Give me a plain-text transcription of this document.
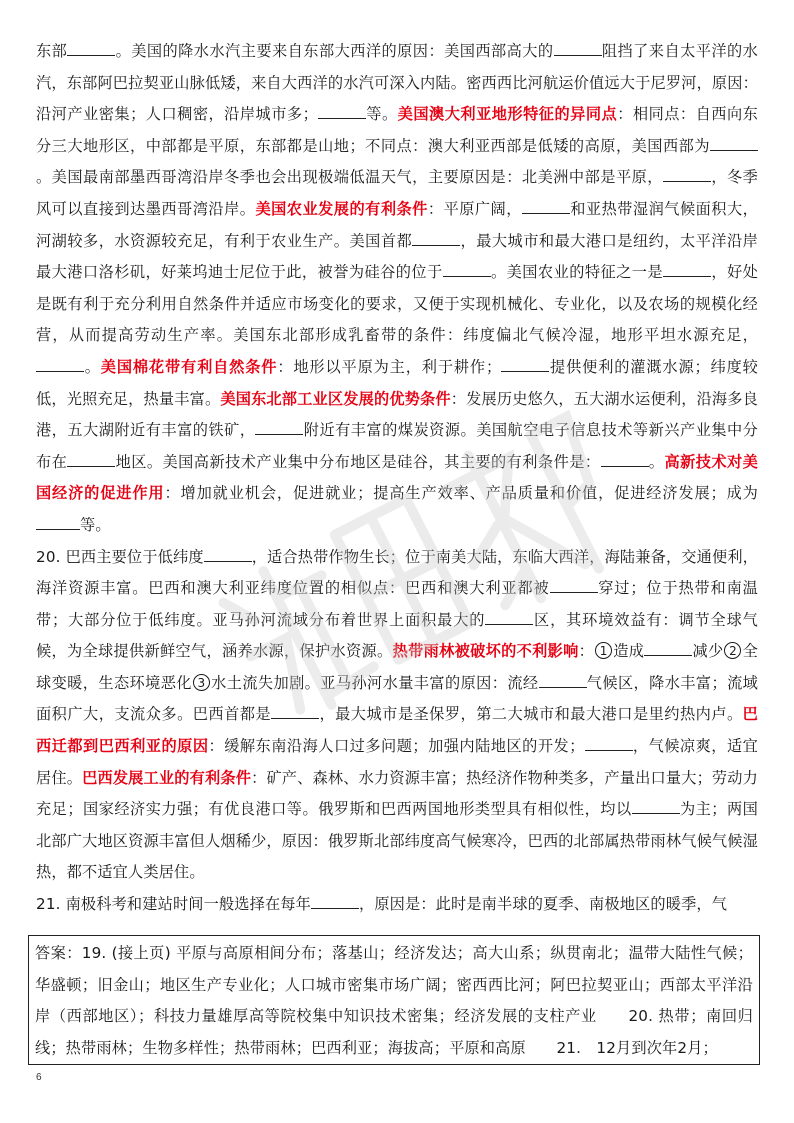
东部	。美国的降水水汽主要来自东部大西洋的原因：美国西部高大的	阻挡了来自太平洋的水汽，东部阿巴拉契亚山脉低矮，来自大西洋的水汽可深入内陆。密西西比河航运价值远大于尼罗河，原因：沿河产业密集；人口稠密，沿岸城市多；	等。美国澳大利亚地形特征的异同点：相同点：自西向东分三大地形区，中部都是平原，东部都是山地；不同点：澳大利亚西部是低矮的高原，美国西部为。美国最南部墨西哥湾沿岸冬季也会出现极端低温天气，主要原因是：北美洲中部是平原，	，冬季风可以直接到达墨西哥湾沿岸。美国农业发展的有利条件：平原广阔，	和亚热带湿润气候面积大，河湖较多，水资源较充足，有利于农业生产。美国首都	，最大城市和最大港口是纽约，太平洋沿岸最大港口洛杉矶，好莱坞迪士尼位于此，被誉为硅谷的位于	。美国农业的特征之一是	，好处是既有利于充分利用自然条件并适应市场变化的要求，又便于实现机械化、专业化，以及农场的规模化经营，从而提高劳动生产率。美国东北部形成乳畜带的条件：纬度偏北气候冷湿，地形平坦水源充足，。美国棉花带有利自然条件：地形以平原为主，利于耕作；	提供便利的灌溉水源；纬度较低，光照充足，热量丰富。美国东北部工业区发展的优势条件：发展历史悠久，五大湖水运便利，沿海多良港，五大湖附近有丰富的铁矿，	附近有丰富的煤炭资源。美国航空电子信息技术等新兴产业集中分布在	地区。美国高新技术产业集中分布地区是硅谷，其主要的有利条件是：	。高新技术对美国经济的促进作用：增加就业机会，促进就业；提高生产效率、产品质量和价值，促进经济发展；成为等。

20. 巴西主要位于低纬度	，适合热带作物生长；位于南美大陆，东临大西洋，海陆兼备，交通便利，海洋资源丰富。巴西和澳大利亚纬度位置的相似点：巴西和澳大利亚都被	穿过；位于热带和南温带；大部分位于低纬度。亚马孙河流域分布着世界上面积最大的	区，其环境效益有：调节全球气候，为全球提供新鲜空气，涵养水源，保护水资源。热带雨林被破坏的不利影响： 1 造成	减少 2 全球变暖，生态环境恶化 3 水土流失加剧。亚马孙河水量丰富的原因：流经	气候区，降水丰富；流域面积广大，支流众多。巴西首都是	，最大城市是圣保罗，第二大城市和最大港口是里约热内卢。巴西迁都到巴西利亚的原因：缓解东南沿海人口过多问题；加强内陆地区的开发；	，气候凉爽，适宜居住。巴西发展工业的有利条件：矿产、森林、水力资源丰富；热经济作物种类多，产量出口量大；劳动力充足；国家经济实力强；有优良港口等。俄罗斯和巴西两国地形类型具有相似性，均以	为主；两国北部广大地区资源丰富但人烟稀少，原因：俄罗斯北部纬度高气候寒冷，巴西的北部属热带雨林气候气候湿热，都不适宜人类居住。

21. 南极科考和建站时间一般选择在每年	，原因是：此时是南半球的夏季、南极地区的暖季，气

答案：19. (接上页) 平原与高原相间分布；落基山；经济发达；高大山系；纵贯南北；温带大陆性气候；华盛顿；旧金山；地区生产专业化；人口城市密集市场广阔；密西西比河；阿巴拉契亚山；西部太平洋沿岸（西部地区）；科技力量雄厚高等院校集中知识技术密集；经济发展的支柱产业　　20. 热带；南回归线；热带雨林；生物多样性；热带雨林；巴西利亚；海拔高；平原和高原　　21.　12月到次年2月；

6
